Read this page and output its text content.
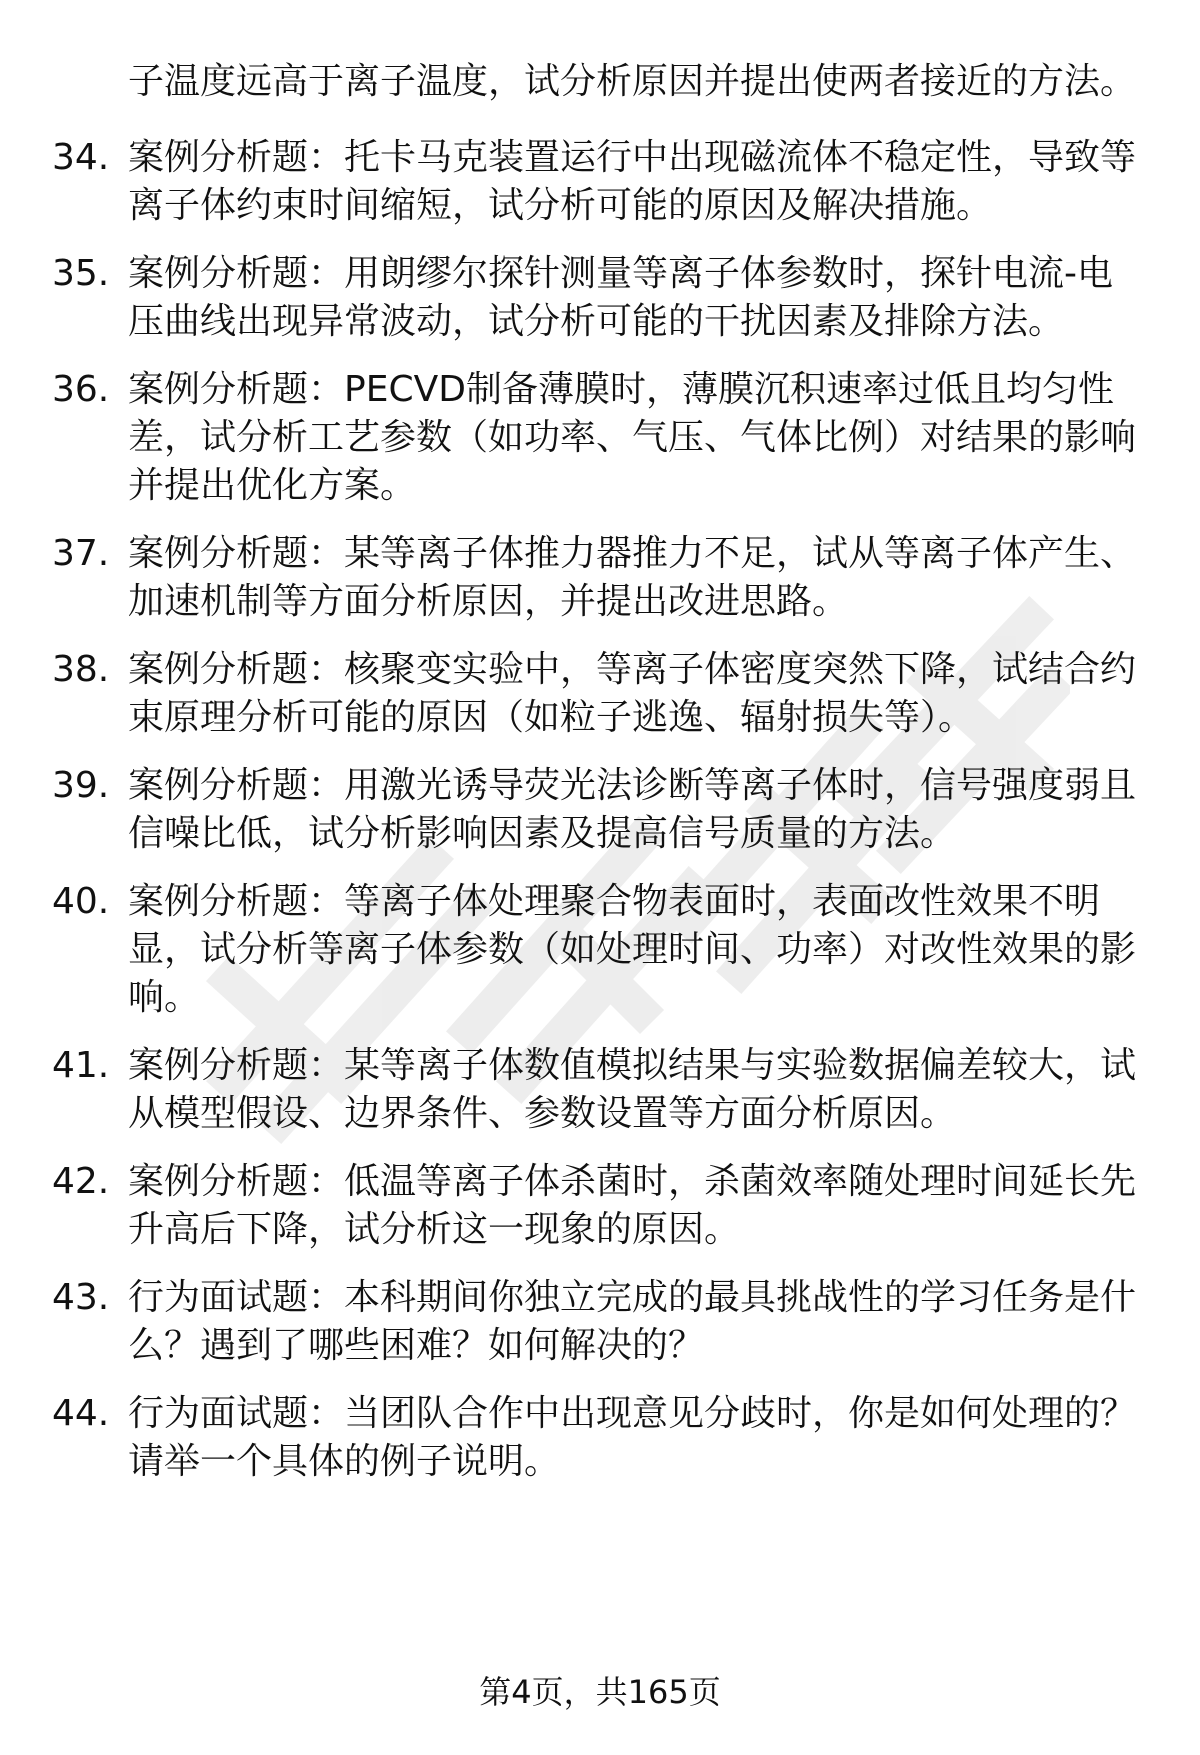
子温度远高于离子温度，试分析原因并提出使两者接近的方法。

34. 案例分析题：托卡马克装置运行中出现磁流体不稳定性，导致等离子体约束时间缩短，试分析可能的原因及解决措施。

35. 案例分析题：用朗缪尔探针测量等离子体参数时，探针电流-电压曲线出现异常波动，试分析可能的干扰因素及排除方法。

36. 案例分析题：PECVD制备薄膜时，薄膜沉积速率过低且均匀性差，试分析工艺参数（如功率、气压、气体比例）对结果的影响并提出优化方案。

37. 案例分析题：某等离子体推力器推力不足，试从等离子体产生、加速机制等方面分析原因，并提出改进思路。

38. 案例分析题：核聚变实验中，等离子体密度突然下降，试结合约束原理分析可能的原因（如粒子逃逸、辐射损失等）。

39. 案例分析题：用激光诱导荧光法诊断等离子体时，信号强度弱且信噪比低，试分析影响因素及提高信号质量的方法。

40. 案例分析题：等离子体处理聚合物表面时，表面改性效果不明显，试分析等离子体参数（如处理时间、功率）对改性效果的影响。

41. 案例分析题：某等离子体数值模拟结果与实验数据偏差较大，试从模型假设、边界条件、参数设置等方面分析原因。

42. 案例分析题：低温等离子体杀菌时，杀菌效率随处理时间延长先升高后下降，试分析这一现象的原因。

43. 行为面试题：本科期间你独立完成的最具挑战性的学习任务是什么？遇到了哪些困难？如何解决的？

44. 行为面试题：当团队合作中出现意见分歧时，你是如何处理的？请举一个具体的例子说明。

第4页，共165页
